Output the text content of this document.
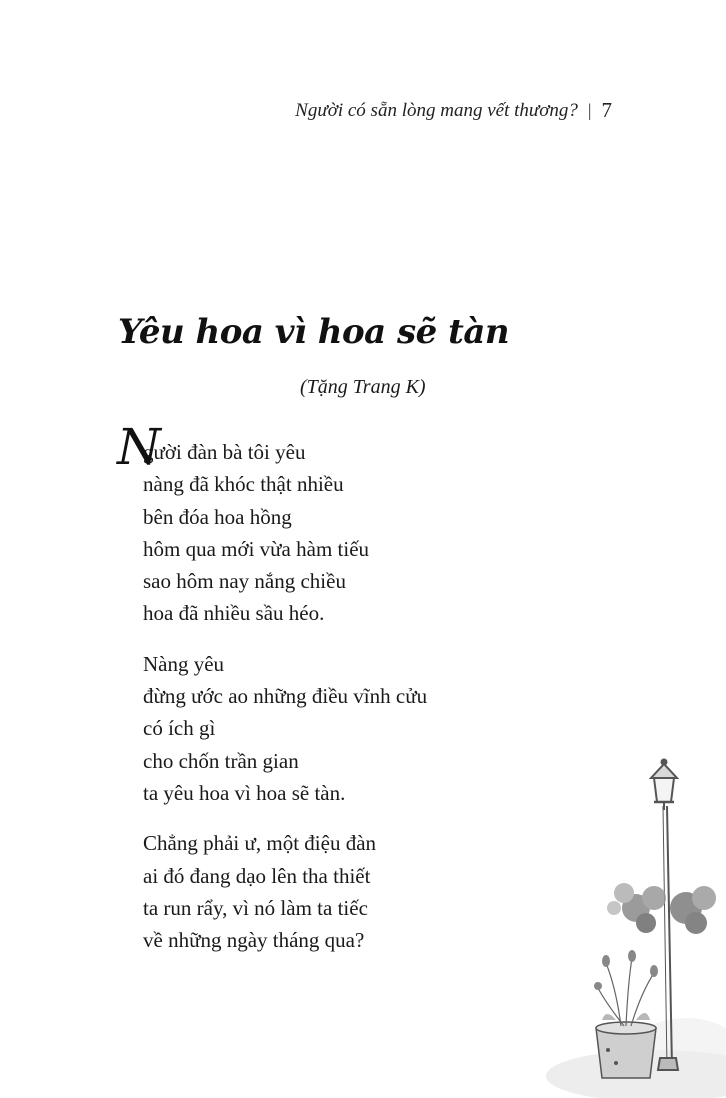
Người có sẵn lòng mang vết thương? | 7
Yêu hoa vì hoa sẽ tàn
(Tặng Trang K)
N
gười đàn bà tôi yêu
nàng đã khóc thật nhiều
bên đóa hoa hồng
hôm qua mới vừa hàm tiếu
sao hôm nay nắng chiều
hoa đã nhiều sầu héo.
Nàng yêu
đừng ước ao những điều vĩnh cửu
có ích gì
cho chốn trần gian
ta yêu hoa vì hoa sẽ tàn.
Chẳng phải ư, một điệu đàn
ai đó đang dạo lên tha thiết
ta run rẩy, vì nó làm ta tiếc
về những ngày tháng qua?
